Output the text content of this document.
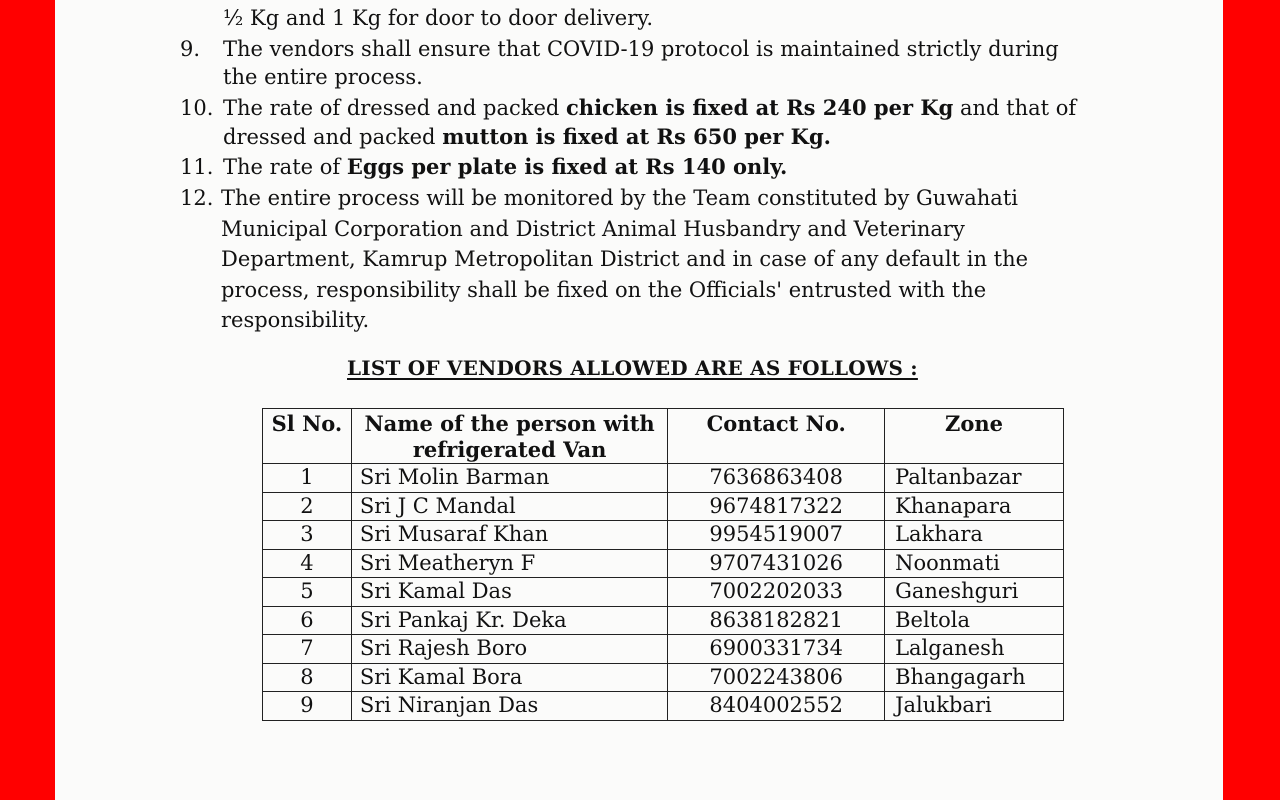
½ Kg and 1 Kg for door to door delivery.
9. The vendors shall ensure that COVID-19 protocol is maintained strictly during
the entire process.
10. The rate of dressed and packed chicken is fixed at Rs 240 per Kg and that of
dressed and packed mutton is fixed at Rs 650 per Kg.
11. The rate of Eggs per plate is fixed at Rs 140 only.
12. The entire process will be monitored by the Team constituted by Guwahati
Municipal Corporation and District Animal Husbandry and Veterinary
Department, Kamrup Metropolitan District and in case of any default in the
process, responsibility shall be fixed on the Officials' entrusted with the
responsibility.
LIST OF VENDORS ALLOWED ARE AS FOLLOWS :
Sl No.	Name of the person with refrigerated Van	Contact No.	Zone
1	Sri Molin Barman	7636863408	Paltanbazar
2	Sri J C Mandal	9674817322	Khanapara
3	Sri Musaraf Khan	9954519007	Lakhara
4	Sri Meatheryn F	9707431026	Noonmati
5	Sri Kamal Das	7002202033	Ganeshguri
6	Sri Pankaj Kr. Deka	8638182821	Beltola
7	Sri Rajesh Boro	6900331734	Lalganesh
8	Sri Kamal Bora	7002243806	Bhangagarh
9	Sri Niranjan Das	8404002552	Jalukbari
